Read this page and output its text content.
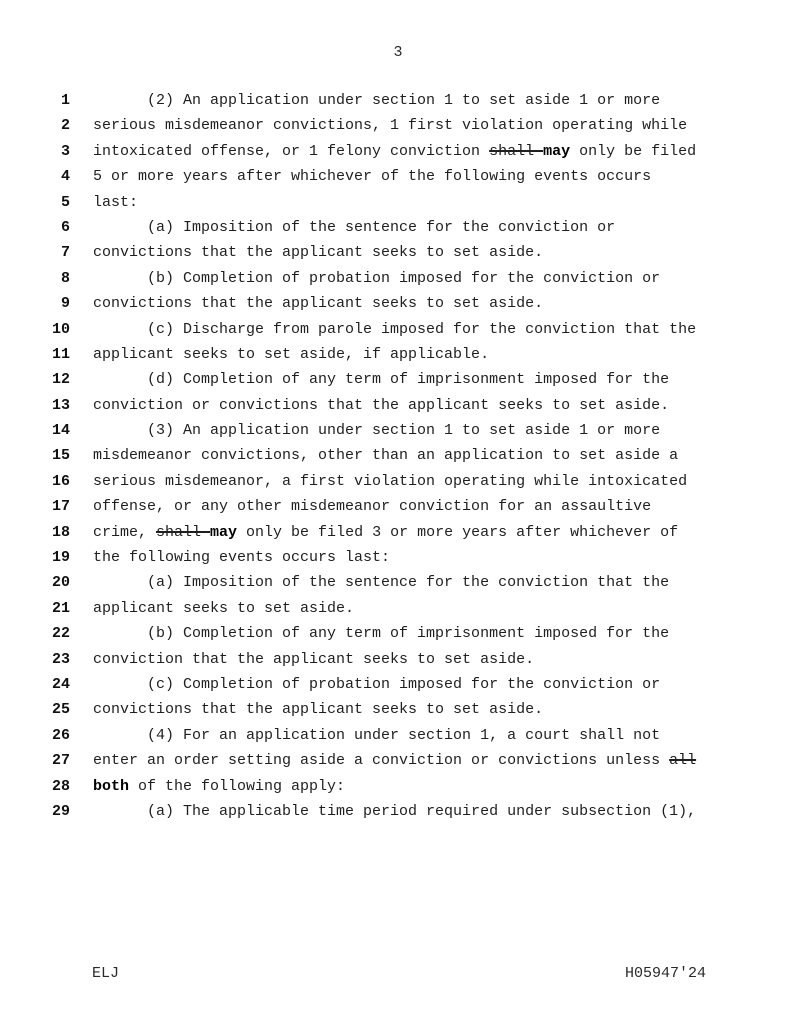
3
1	(2) An application under section 1 to set aside 1 or more
2	serious misdemeanor convictions, 1 first violation operating while
3	intoxicated offense, or 1 felony conviction shall may only be filed
4	5 or more years after whichever of the following events occurs
5	last:
6	(a) Imposition of the sentence for the conviction or
7	convictions that the applicant seeks to set aside.
8	(b) Completion of probation imposed for the conviction or
9	convictions that the applicant seeks to set aside.
10	(c) Discharge from parole imposed for the conviction that the
11	applicant seeks to set aside, if applicable.
12	(d) Completion of any term of imprisonment imposed for the
13	conviction or convictions that the applicant seeks to set aside.
14	(3) An application under section 1 to set aside 1 or more
15	misdemeanor convictions, other than an application to set aside a
16	serious misdemeanor, a first violation operating while intoxicated
17	offense, or any other misdemeanor conviction for an assaultive
18	crime, shall may only be filed 3 or more years after whichever of
19	the following events occurs last:
20	(a) Imposition of the sentence for the conviction that the
21	applicant seeks to set aside.
22	(b) Completion of any term of imprisonment imposed for the
23	conviction that the applicant seeks to set aside.
24	(c) Completion of probation imposed for the conviction or
25	convictions that the applicant seeks to set aside.
26	(4) For an application under section 1, a court shall not
27	enter an order setting aside a conviction or convictions unless all
28	both of the following apply:
29	(a) The applicable time period required under subsection (1),
ELJ	H05947'24
